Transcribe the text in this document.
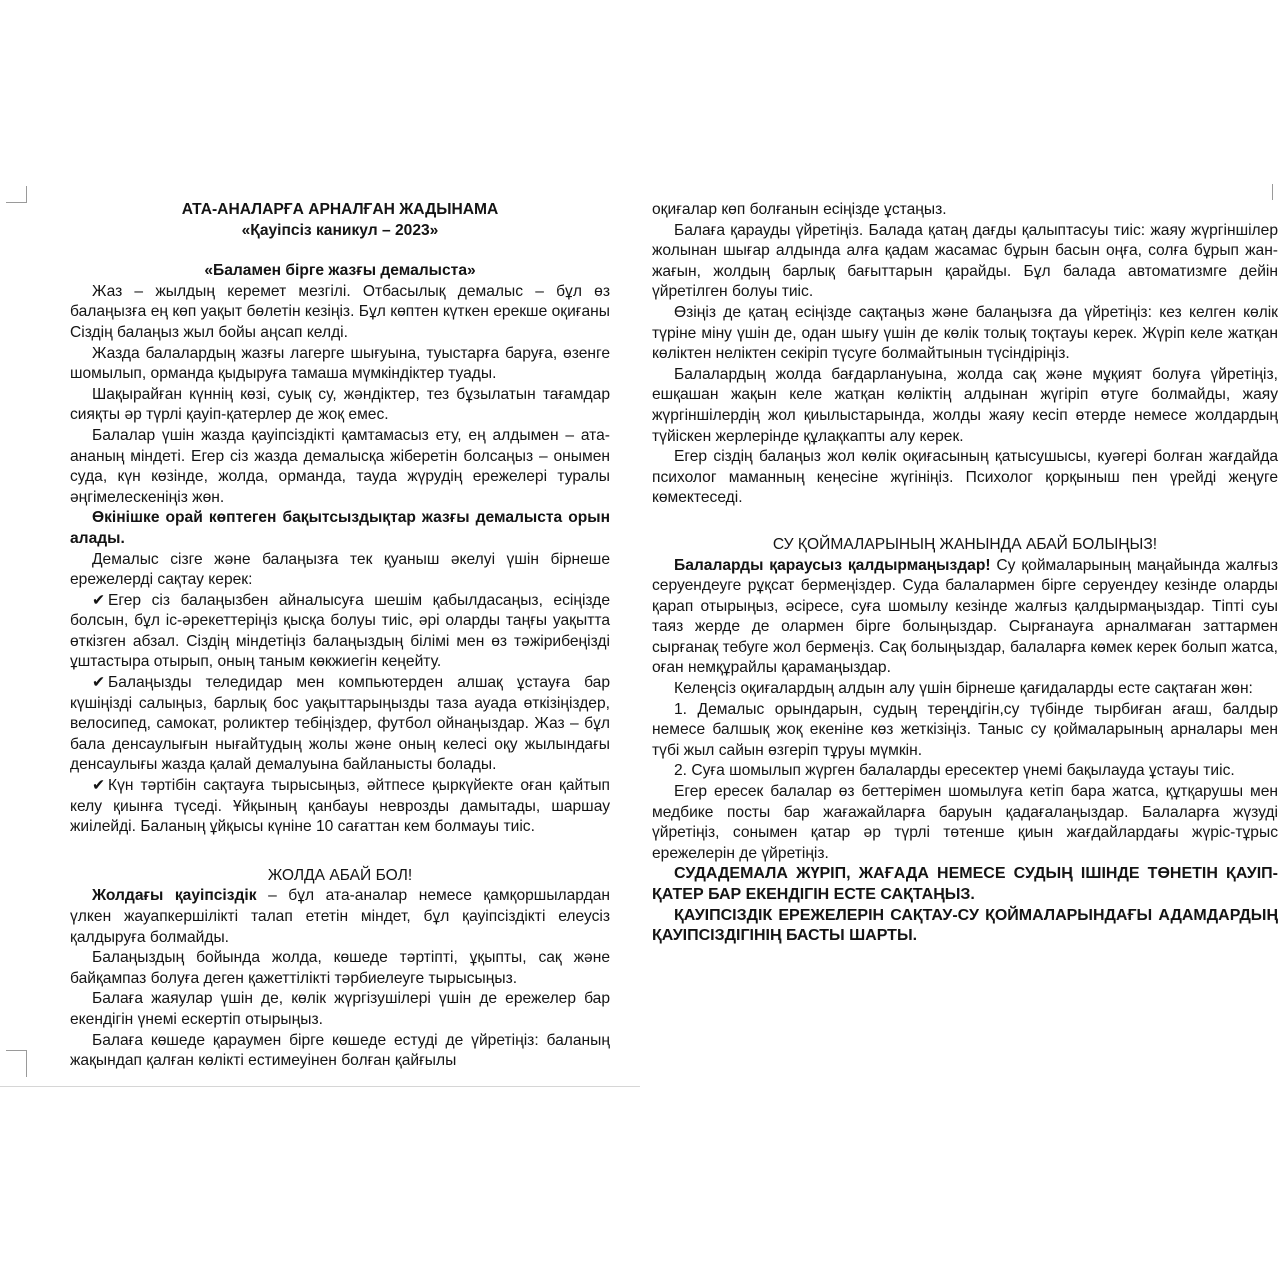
АТА-АНАЛАРҒА АРНАЛҒАН ЖАДЫНАМА

«Қауіпсіз каникул – 2023»

«Баламен бірге жазғы демалыста»

Жаз – жылдың керемет мезгілі. Отбасылық демалыс – бұл өз балаңызға ең көп уақыт бөлетін кезіңіз. Бұл көптен күткен ерекше оқиғаны Сіздің балаңыз жыл бойы аңсап келді.

Жазда балалардың жазғы лагерге шығуына, туыстарға баруға, өзенге шомылып, орманда қыдыруға тамаша мүмкіндіктер туады.

Шақырайған күннің көзі, суық су, жәндіктер, тез бұзылатын тағамдар сияқты әр түрлі қауіп-қатерлер де жоқ емес.

Балалар үшін жазда қауіпсіздікті қамтамасыз ету, ең алдымен – ата-ананың міндеті. Егер сіз жазда демалысқа жіберетін болсаңыз – онымен суда, күн көзінде, жолда, орманда, тауда жүрудің ережелері туралы әңгімелескеніңіз жөн.

Өкінішке орай көптеген бақытсыздықтар жазғы демалыста орын алады.

Демалыс сізге және балаңызға тек қуаныш әкелуі үшін бірнеше ережелерді сақтау керек:

✔ Егер сіз балаңызбен айналысуға шешім қабылдасаңыз, есіңізде болсын, бұл іс-әрекеттеріңіз қысқа болуы тиіс, әрі оларды таңғы уақытта өткізген абзал. Сіздің міндетіңіз балаңыздың білімі мен өз тәжірибеңізді ұштастыра отырып, оның таным көкжиегін кеңейту.

✔ Балаңызды теледидар мен компьютерден алшақ ұстауға бар күшіңізді салыңыз, барлық бос уақыттарыңызды таза ауада өткізіңіздер, велосипед, самокат, роликтер тебіңіздер, футбол ойнаңыздар. Жаз – бұл бала денсаулығын нығайтудың жолы және оның келесі оқу жылындағы денсаулығы жазда қалай демалуына байланысты болады.

✔ Күн тәртібін сақтауға тырысыңыз, әйтпесе қыркүйекте оған қайтып келу қиынға түседі. Ұйқының қанбауы неврозды дамытады, шаршау жиілейді. Баланың ұйқысы күніне 10 сағаттан кем болмауы тиіс.

ЖОЛДА АБАЙ БОЛ!

Жолдағы қауіпсіздік – бұл ата-аналар немесе қамқоршылардан үлкен жауапкершілікті талап ететін міндет, бұл қауіпсіздікті елеусіз қалдыруға болмайды.

Балаңыздың бойында жолда, көшеде тәртіпті, ұқыпты, сақ және байқампаз болуға деген қажеттілікті тәрбиелеуге тырысыңыз.

Балаға жаяулар үшін де, көлік жүргізушілері үшін де ережелер бар екендігін үнемі ескертіп отырыңыз.

Балаға көшеде қараумен бірге көшеде естуді де үйретіңіз: баланың жақындап қалған көлікті естимеуінен болған қайғылы

оқиғалар көп болғанын есіңізде ұстаңыз.

Балаға қарауды үйретіңіз. Балада қатаң дағды қалыптасуы тиіс: жаяу жүргіншілер жолынан шығар алдында алға қадам жасамас бұрын басын оңға, солға бұрып жан-жағын, жолдың барлық бағыттарын қарайды. Бұл балада автоматизмге дейін үйретілген болуы тиіс.

Өзіңіз де қатаң есіңізде сақтаңыз және балаңызға да үйретіңіз: кез келген көлік түріне міну үшін де, одан шығу үшін де көлік толық тоқтауы керек. Жүріп келе жатқан көліктен неліктен секіріп түсуге болмайтынын түсіндіріңіз.

Балалардың жолда бағдарлануына, жолда сақ және мұқият болуға үйретіңіз, ешқашан жақын келе жатқан көліктің алдынан жүгіріп өтуге болмайды, жаяу жүргіншілердің жол қиылыстарында, жолды жаяу кесіп өтерде немесе жолдардың түйіскен жерлерінде құлақкапты алу керек.

Егер сіздің балаңыз жол көлік оқиғасының қатысушысы, куәгері болған жағдайда психолог маманның кеңесіне жүгініңіз. Психолог қорқыныш пен үрейді жеңуге көмектеседі.

СУ ҚОЙМАЛАРЫНЫҢ ЖАНЫНДА АБАЙ БОЛЫҢЫЗ!

Балаларды қараусыз қалдырмаңыздар! Су қоймаларының маңайында жалғыз серуендеуге рұқсат бермеңіздер. Суда балалармен бірге серуендеу кезінде оларды қарап отырыңыз, әсіресе, суға шомылу кезінде жалғыз қалдырмаңыздар. Тіпті суы таяз жерде де олармен бірге болыңыздар. Сырғанауға арналмаған заттармен сырғанақ тебуге жол бермеңіз. Сақ болыңыздар, балаларға көмек керек болып жатса, оған немқұрайлы қарамаңыздар.

Келеңсіз оқиғалардың алдын алу үшін бірнеше қағидаларды есте сақтаған жөн:

1. Демалыс орындарын, судың тереңдігін,су түбінде тырбиған ағаш, балдыр немесе балшық жоқ екеніне көз жеткізіңіз. Таныс су қоймаларының арналары мен түбі жыл сайын өзгеріп тұруы мүмкін.

2. Суға шомылып жүрген балаларды ересектер үнемі бақылауда ұстауы тиіс.

Егер ересек балалар өз беттерімен шомылуға кетіп бара жатса, құтқарушы мен медбике посты бар жағажайларға баруын қадағалаңыздар. Балаларға жүзуді үйретіңіз, сонымен қатар әр түрлі төтенше қиын жағдайлардағы жүріс-тұрыс ережелерін де үйретіңіз.

СУДАДЕМАЛА ЖҮРІП, ЖАҒАДА НЕМЕСЕ СУДЫҢ ІШІНДЕ ТӨНЕТІН ҚАУІП-ҚАТЕР БАР ЕКЕНДІГІН ЕСТЕ САҚТАҢЫЗ.

ҚАУІПСІЗДІК ЕРЕЖЕЛЕРІН САҚТАУ-СУ ҚОЙМАЛАРЫНДАҒЫ АДАМДАРДЫҢ ҚАУІПСІЗДІГІНІҢ БАСТЫ ШАРТЫ.
